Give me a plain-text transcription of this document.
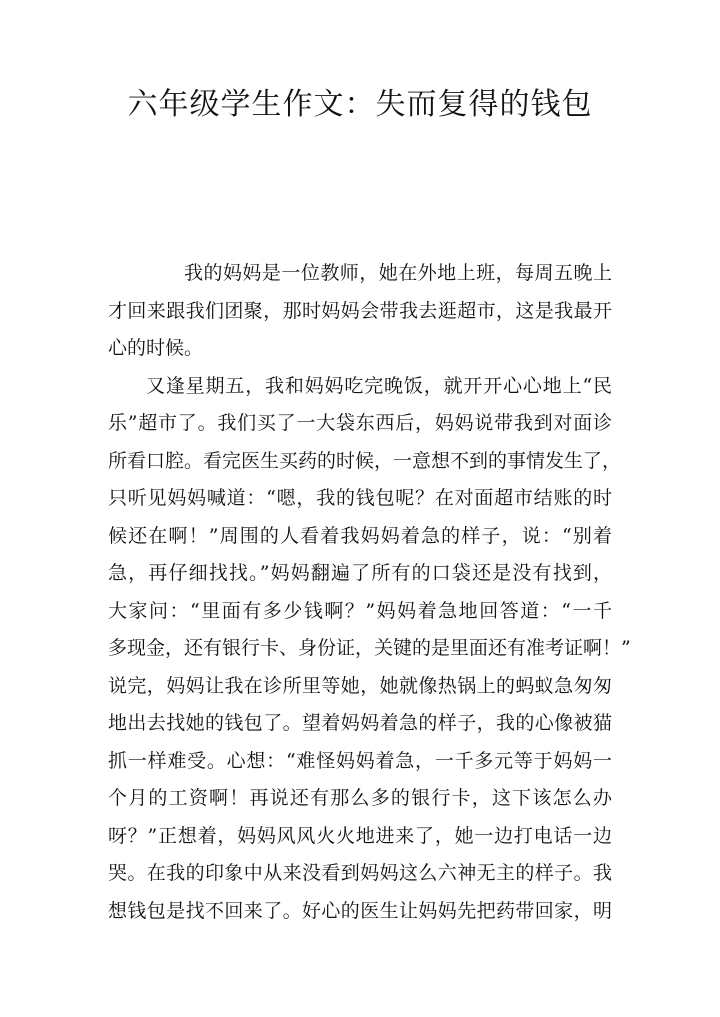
六年级学生作文：失而复得的钱包

我的妈妈是一位教师，她在外地上班，每周五晚上
才回来跟我们团聚，那时妈妈会带我去逛超市，这是我最开
心的时候。

又逢星期五，我和妈妈吃完晚饭，就开开心心地上“民
乐”超市了。我们买了一大袋东西后，妈妈说带我到对面诊
所看口腔。看完医生买药的时候，一意想不到的事情发生了，
只听见妈妈喊道：“嗯，我的钱包呢？在对面超市结账的时
候还在啊！”周围的人看着我妈妈着急的样子，说：“别着
急，再仔细找找。”妈妈翻遍了所有的口袋还是没有找到，
大家问：“里面有多少钱啊？”妈妈着急地回答道：“一千
多现金，还有银行卡、身份证，关键的是里面还有准考证啊！”
说完，妈妈让我在诊所里等她，她就像热锅上的蚂蚁急匆匆
地出去找她的钱包了。望着妈妈着急的样子，我的心像被猫
抓一样难受。心想：“难怪妈妈着急，一千多元等于妈妈一
个月的工资啊！再说还有那么多的银行卡，这下该怎么办
呀？”正想着，妈妈风风火火地进来了，她一边打电话一边
哭。在我的印象中从来没看到妈妈这么六神无主的样子。我
想钱包是找不回来了。好心的医生让妈妈先把药带回家，明
